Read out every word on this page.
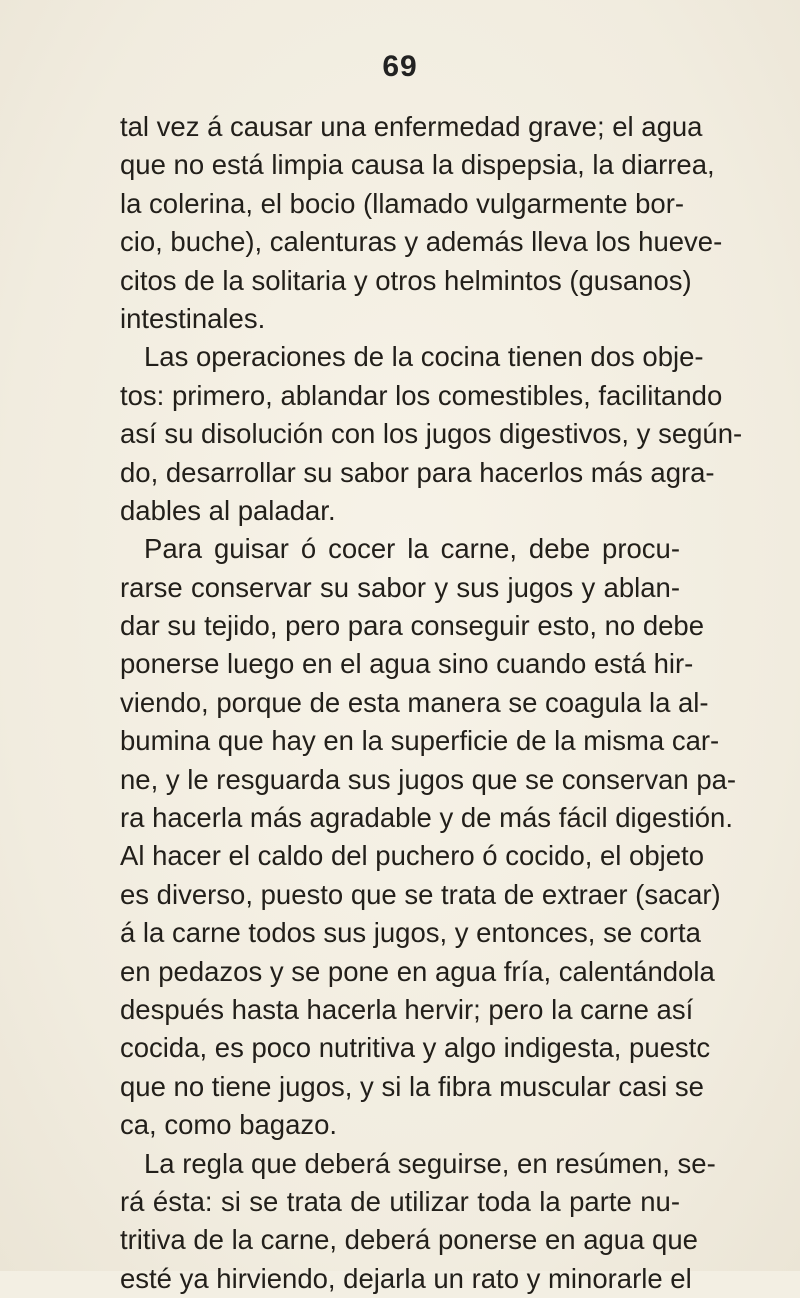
69
tal vez á causar una enfermedad grave; el agua
que no está limpia causa la dispepsia, la diarrea,
la colerina, el bocio (llamado vulgarmente bor-
cio, buche), calenturas y además lleva los hueve-
citos de la solitaria y otros helmintos (gusanos)
intestinales.
Las operaciones de la cocina tienen dos obje-
tos: primero, ablandar los comestibles, facilitando
así su disolución con los jugos digestivos, y según-
do, desarrollar su sabor para hacerlos más agra-
dables al paladar.
Para guisar ó cocer la carne, debe procu-
rarse conservar su sabor y sus jugos y ablan-
dar su tejido, pero para conseguir esto, no debe
ponerse luego en el agua sino cuando está hir-
viendo, porque de esta manera se coagula la al-
bumina que hay en la superficie de la misma car-
ne, y le resguarda sus jugos que se conservan pa-
ra hacerla más agradable y de más fácil digestión.
Al hacer el caldo del puchero ó cocido, el objeto
es diverso, puesto que se trata de extraer (sacar)
á la carne todos sus jugos, y entonces, se corta
en pedazos y se pone en agua fría, calentándola
después hasta hacerla hervir; pero la carne así
cocida, es poco nutritiva y algo indigesta, puestc
que no tiene jugos, y si la fibra muscular casi se
ca, como bagazo.
La regla que deberá seguirse, en resúmen, se-
rá ésta: si se trata de utilizar toda la parte nu-
tritiva de la carne, deberá ponerse en agua que
esté ya hirviendo, dejarla un rato y minorarle el
